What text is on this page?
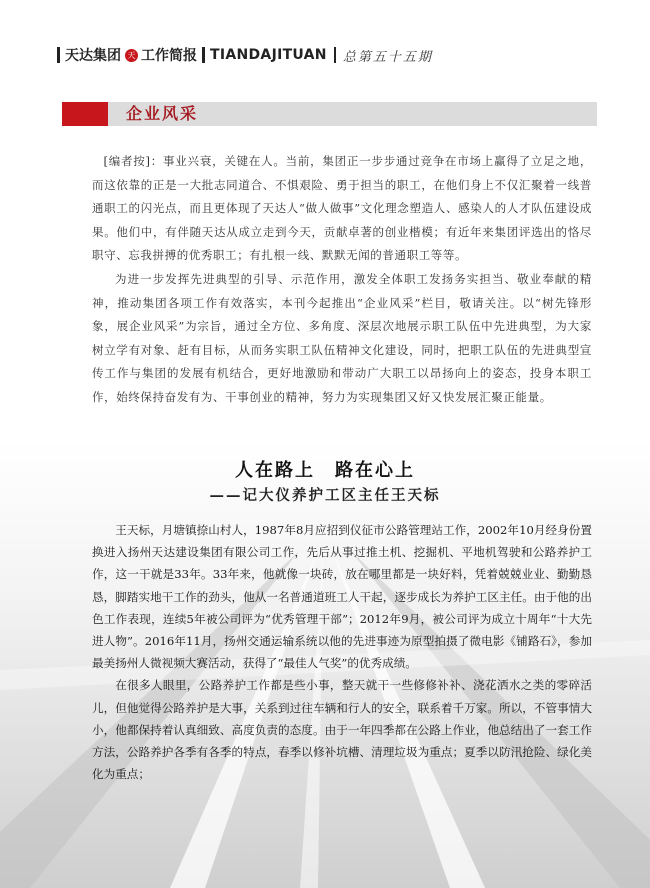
天达集团 天 工作简报 TIANDAJITUAN 总第五十五期
企业风采

[编者按]：事业兴衰，关键在人。当前，集团正一步步通过竞争在市场上赢得了立足之地，而这依靠的正是一大批志同道合、不惧艰险、勇于担当的职工，在他们身上不仅汇聚着一线普通职工的闪光点，而且更体现了天达人“做人做事”文化理念塑造人、感染人的人才队伍建设成果。他们中，有伴随天达从成立走到今天，贡献卓著的创业楷模；有近年来集团评选出的恪尽职守、忘我拼搏的优秀职工；有扎根一线、默默无闻的普通职工等等。

为进一步发挥先进典型的引导、示范作用，激发全体职工发扬务实担当、敬业奉献的精神，推动集团各项工作有效落实，本刊今起推出“企业风采”栏目，敬请关注。以“树先锋形象，展企业风采”为宗旨，通过全方位、多角度、深层次地展示职工队伍中先进典型，为大家树立学有对象、赶有目标，从而务实职工队伍精神文化建设，同时，把职工队伍的先进典型宣传工作与集团的发展有机结合，更好地激励和带动广大职工以昂扬向上的姿态，投身本职工作，始终保持奋发有为、干事创业的精神，努力为实现集团又好又快发展汇聚正能量。

人在路上　路在心上
——记大仪养护工区主任王天标

王天标，月塘镇捺山村人，1987年8月应招到仪征市公路管理站工作，2002年10月经身份置换进入扬州天达建设集团有限公司工作，先后从事过推土机、挖掘机、平地机驾驶和公路养护工作，这一干就是33年。33年来，他就像一块砖，放在哪里都是一块好料，凭着兢兢业业、勤勤恳恳，脚踏实地干工作的劲头，他从一名普通道班工人干起，逐步成长为养护工区主任。由于他的出色工作表现，连续5年被公司评为“优秀管理干部”；2012年9月，被公司评为成立十周年“十大先进人物”。2016年11月，扬州交通运输系统以他的先进事迹为原型拍摄了微电影《铺路石》，参加最美扬州人微视频大赛活动，获得了“最佳人气奖”的优秀成绩。

在很多人眼里，公路养护工作都是些小事，整天就干一些修修补补、浇花洒水之类的零碎活儿，但他觉得公路养护是大事，关系到过往车辆和行人的安全，联系着千万家。所以，不管事情大小，他都保持着认真细致、高度负责的态度。由于一年四季都在公路上作业，他总结出了一套工作方法，公路养护各季有各季的特点，春季以修补坑槽、清理垃圾为重点；夏季以防汛抢险、绿化美化为重点；
